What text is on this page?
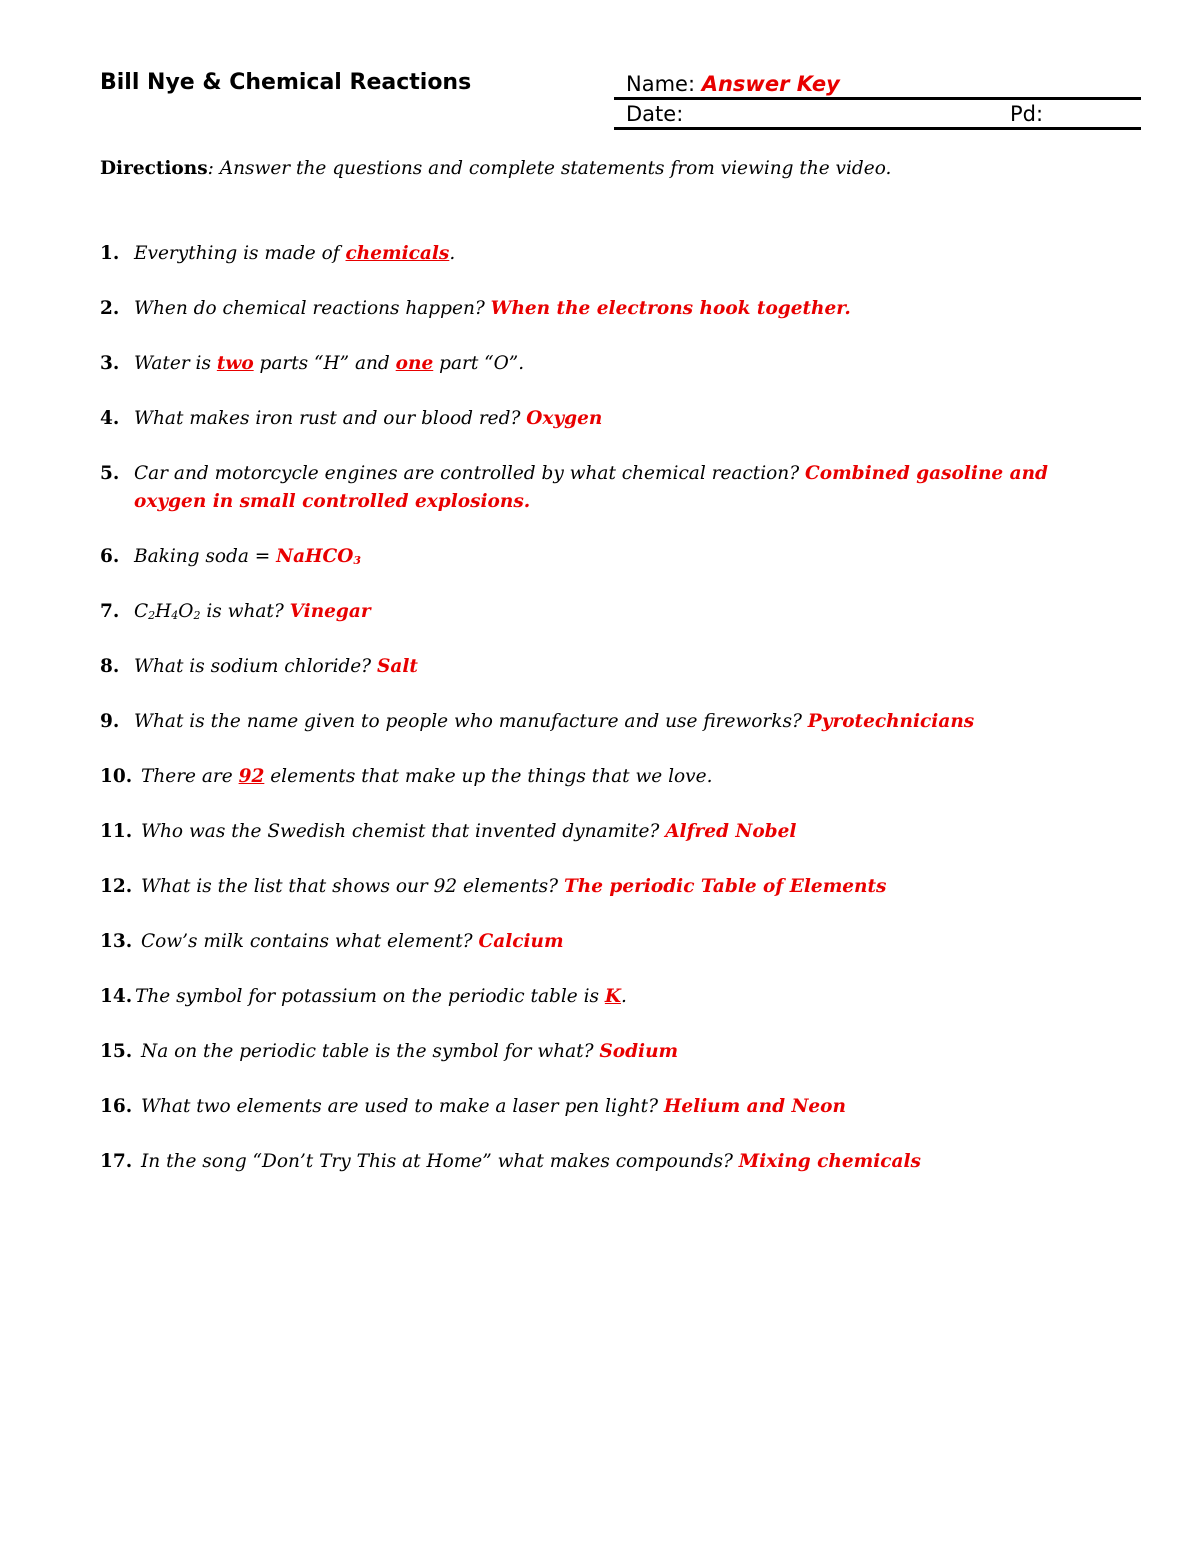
Bill Nye & Chemical Reactions	Name: Answer Key
Date:	Pd:
Directions: Answer the questions and complete statements from viewing the video.
1. Everything is made of chemicals.
2. When do chemical reactions happen? When the electrons hook together.
3. Water is two parts “H” and one part “O”.
4. What makes iron rust and our blood red? Oxygen
5. Car and motorcycle engines are controlled by what chemical reaction? Combined gasoline and oxygen in small controlled explosions.
6. Baking soda = NaHCO$_3$
7. $C_2H_4O_2$ is what? Vinegar
8. What is sodium chloride? Salt
9. What is the name given to people who manufacture and use fireworks? Pyrotechnicians
10. There are 92 elements that make up the things that we love.
11. Who was the Swedish chemist that invented dynamite? Alfred Nobel
12. What is the list that shows our 92 elements? The periodic Table of Elements
13. Cow’s milk contains what element? Calcium
14. The symbol for potassium on the periodic table is K.
15. Na on the periodic table is the symbol for what? Sodium
16. What two elements are used to make a laser pen light? Helium and Neon
17. In the song “Don’t Try This at Home” what makes compounds? Mixing chemicals
